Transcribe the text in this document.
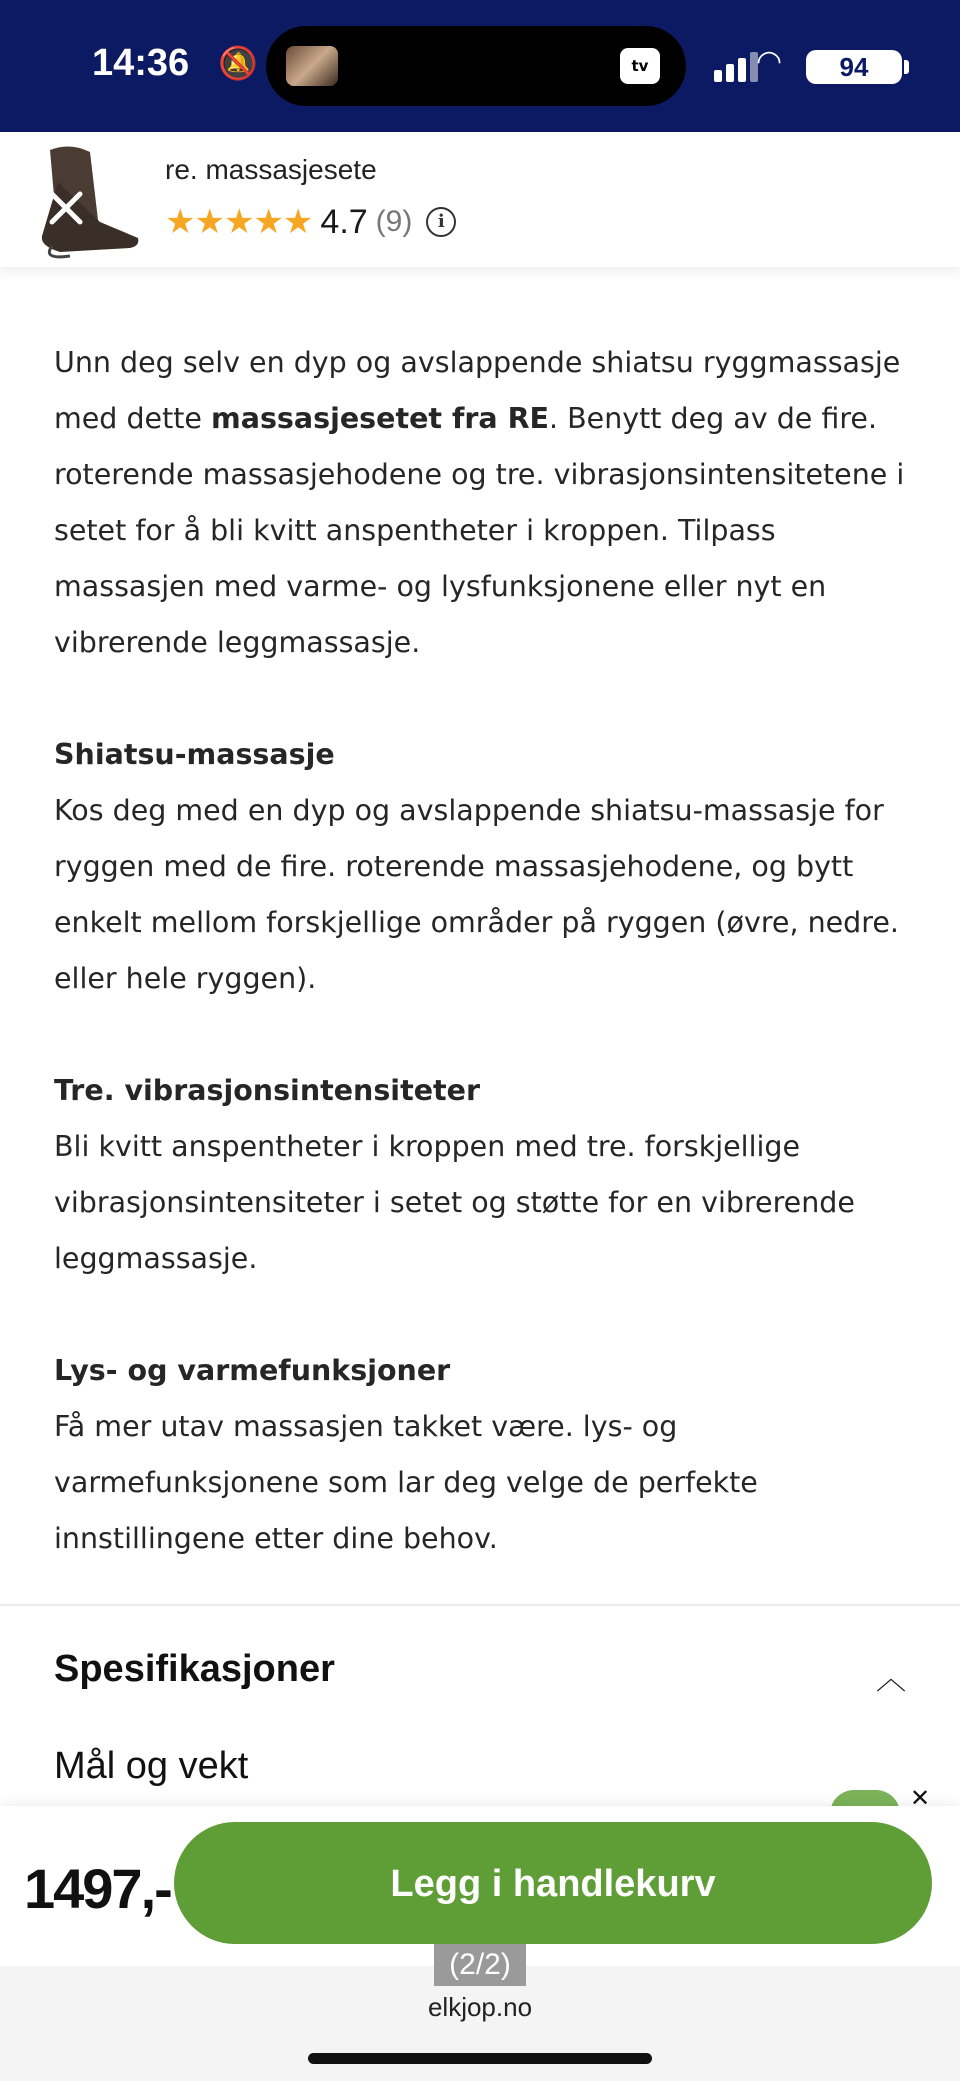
14:36 🔕	tv	◠	94
re. massasjesete
★★★★★ 4.7 (9)	i

Unn deg selv en dyp og avslappende shiatsu ryggmassasje med dette massasjesetet fra RE. Benytt deg av de fire. roterende massasjehodene og tre. vibrasjonsintensitetene i setet for å bli kvitt anspentheter i kroppen. Tilpass massasjen med varme- og lysfunksjonene eller nyt en vibrerende leggmassasje.

Shiatsu-massasje
Kos deg med en dyp og avslappende shiatsu-massasje for ryggen med de fire. roterende massasjehodene, og bytt enkelt mellom forskjellige områder på ryggen (øvre, nedre. eller hele ryggen).

Tre. vibrasjonsintensiteter
Bli kvitt anspentheter i kroppen med tre. forskjellige vibrasjonsintensiteter i setet og støtte for en vibrerende leggmassasje.

Lys- og varmefunksjoner
Få mer utav massasjen takket være. lys- og varmefunksjonene som lar deg velge de perfekte innstillingene etter dine behov.

Spesifikasjoner	︿
Mål og vekt
1497,-	Legg i handlekurv
✕
(2/2)
elkjop.no
